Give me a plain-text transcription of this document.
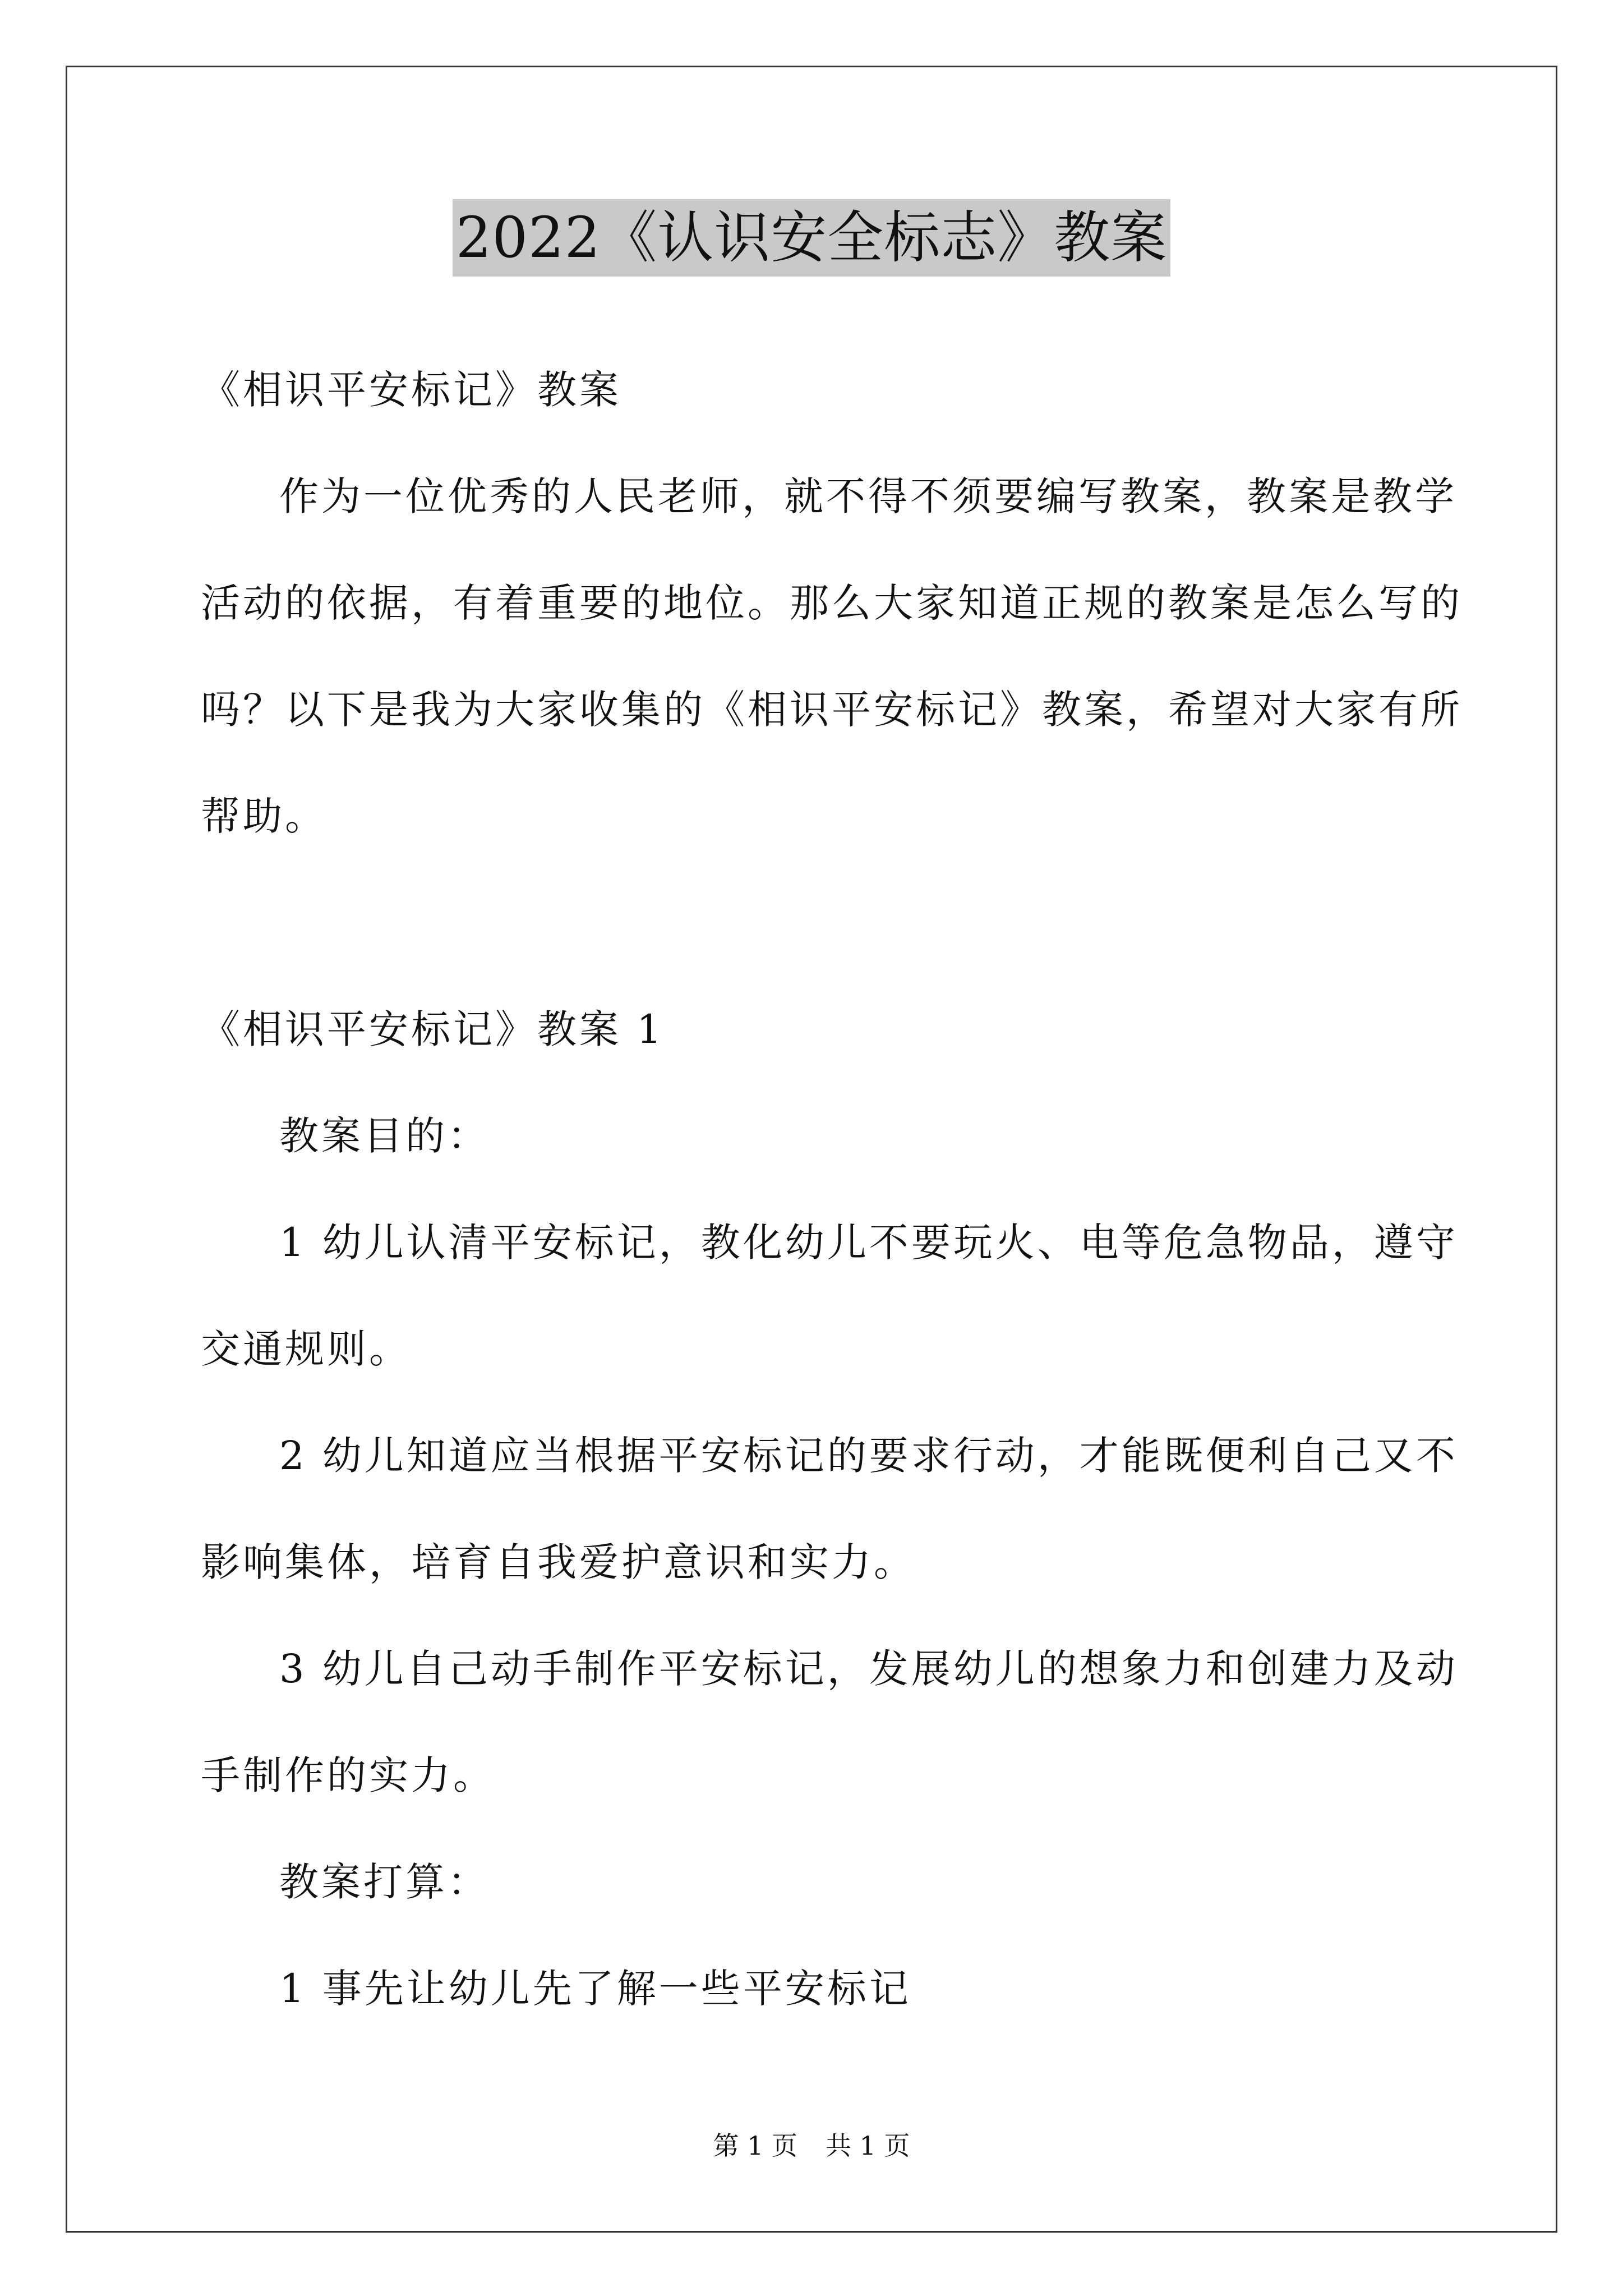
2022《认识安全标志》教案
《相识平安标记》教案
作为一位优秀的人民老师，就不得不须要编写教案，教案是教学
活动的依据，有着重要的地位。那么大家知道正规的教案是怎么写的
吗？以下是我为大家收集的《相识平安标记》教案，希望对大家有所
帮助。
《相识平安标记》教案 1
教案目的：
1 幼儿认清平安标记，教化幼儿不要玩火、电等危急物品，遵守
交通规则。
2 幼儿知道应当根据平安标记的要求行动，才能既便利自己又不
影响集体，培育自我爱护意识和实力。
3 幼儿自己动手制作平安标记，发展幼儿的想象力和创建力及动
手制作的实力。
教案打算：
1 事先让幼儿先了解一些平安标记
第 1 页 共 1 页
